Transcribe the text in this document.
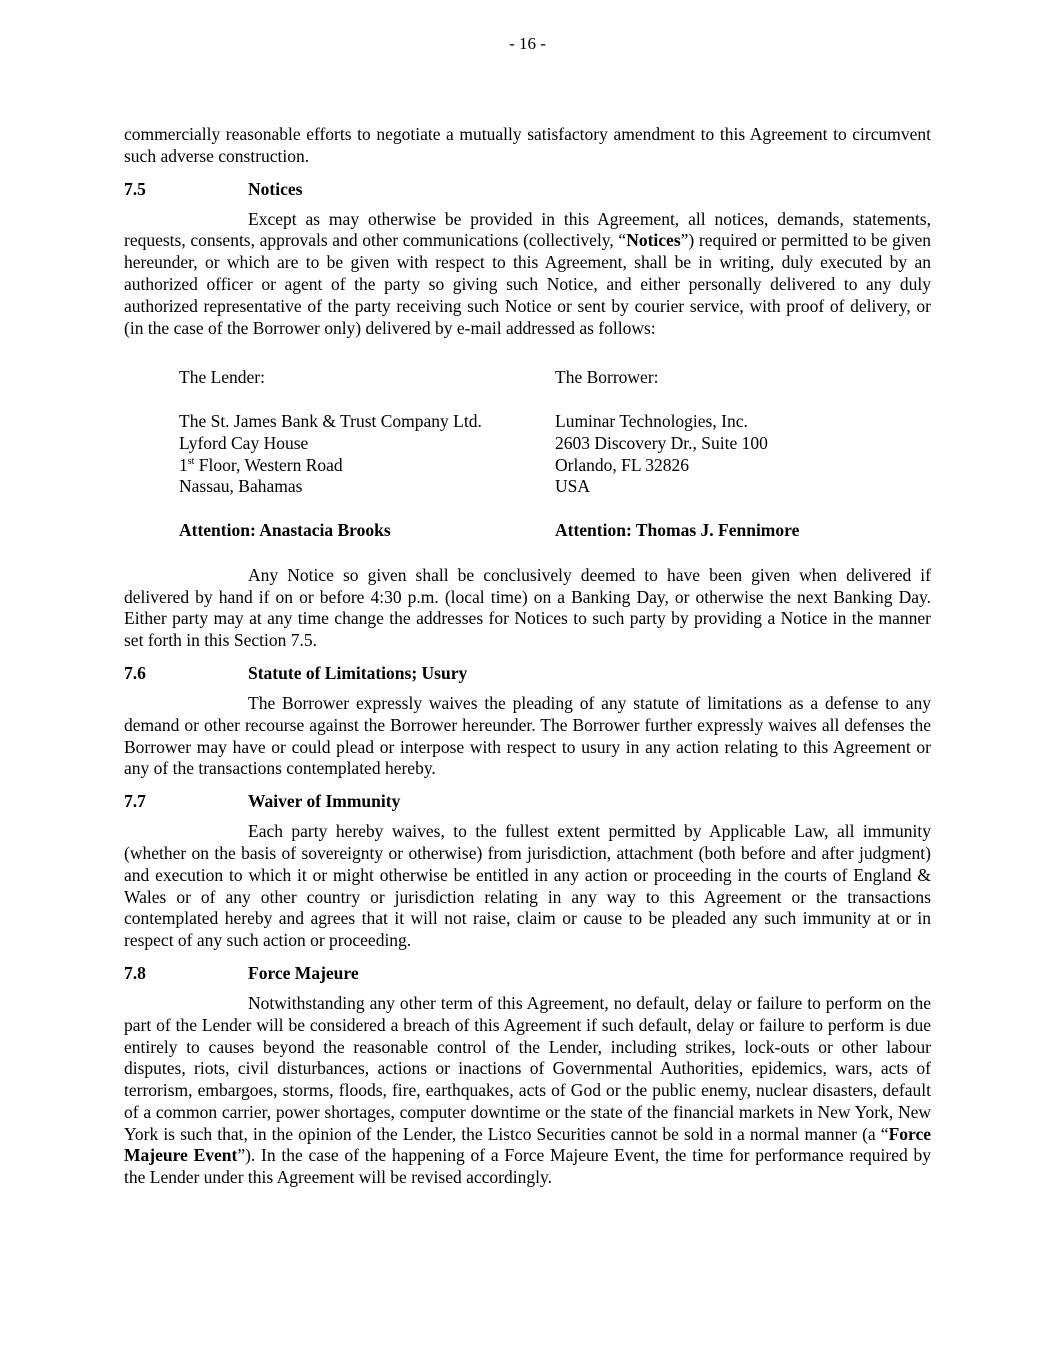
- 16 -

commercially reasonable efforts to negotiate a mutually satisfactory amendment to this Agreement to circumvent such adverse construction.

7.5	Notices

Except as may otherwise be provided in this Agreement, all notices, demands, statements, requests, consents, approvals and other communications (collectively, “Notices”) required or permitted to be given hereunder, or which are to be given with respect to this Agreement, shall be in writing, duly executed by an authorized officer or agent of the party so giving such Notice, and either personally delivered to any duly authorized representative of the party receiving such Notice or sent by courier service, with proof of delivery, or (in the case of the Borrower only) delivered by e-mail addressed as follows:

The Lender:
The St. James Bank & Trust Company Ltd.
Lyford Cay House
1st Floor, Western Road
Nassau, Bahamas
Attention: Anastacia Brooks
The Borrower:
Luminar Technologies, Inc.
2603 Discovery Dr., Suite 100
Orlando, FL 32826
USA
Attention: Thomas J. Fennimore

Any Notice so given shall be conclusively deemed to have been given when delivered if delivered by hand if on or before 4:30 p.m. (local time) on a Banking Day, or otherwise the next Banking Day. Either party may at any time change the addresses for Notices to such party by providing a Notice in the manner set forth in this Section 7.5.

7.6	Statute of Limitations; Usury

The Borrower expressly waives the pleading of any statute of limitations as a defense to any demand or other recourse against the Borrower hereunder. The Borrower further expressly waives all defenses the Borrower may have or could plead or interpose with respect to usury in any action relating to this Agreement or any of the transactions contemplated hereby.

7.7	Waiver of Immunity

Each party hereby waives, to the fullest extent permitted by Applicable Law, all immunity (whether on the basis of sovereignty or otherwise) from jurisdiction, attachment (both before and after judgment) and execution to which it or might otherwise be entitled in any action or proceeding in the courts of England & Wales or of any other country or jurisdiction relating in any way to this Agreement or the transactions contemplated hereby and agrees that it will not raise, claim or cause to be pleaded any such immunity at or in respect of any such action or proceeding.

7.8	Force Majeure

Notwithstanding any other term of this Agreement, no default, delay or failure to perform on the part of the Lender will be considered a breach of this Agreement if such default, delay or failure to perform is due entirely to causes beyond the reasonable control of the Lender, including strikes, lock-outs or other labour disputes, riots, civil disturbances, actions or inactions of Governmental Authorities, epidemics, wars, acts of terrorism, embargoes, storms, floods, fire, earthquakes, acts of God or the public enemy, nuclear disasters, default of a common carrier, power shortages, computer downtime or the state of the financial markets in New York, New York is such that, in the opinion of the Lender, the Listco Securities cannot be sold in a normal manner (a “Force Majeure Event”). In the case of the happening of a Force Majeure Event, the time for performance required by the Lender under this Agreement will be revised accordingly.
